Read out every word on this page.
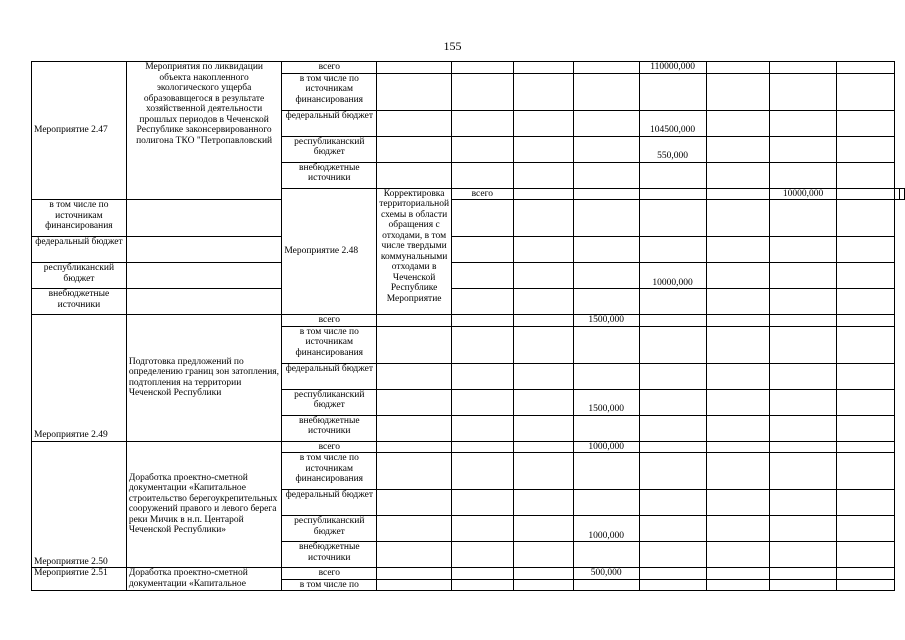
155
Мероприятие 2.47	Мероприятия по ликвидации объекта накопленного экологического ущерба образовавщегося в результате хозяйственной деятельности прошлых периодов в Чеченской Республике законсервированного полигона ТКО "Петропавловский	всего					110000,000					
		в том числе по источникам финансирования										
		федеральный бюджет					104500,000					
		республиканский бюджет					550,000					
		внебюджетные источники										
		Мероприятие 2.48	Корректировка территориальной схемы в области обращения с отходами, в том числе твердыми коммунальными отходами в Чеченской Республике Мероприятие	всего					10000,000			
в том числе по источникам финансирования												
федеральный бюджет												
республиканский бюджет							10000,000					
внебюджетные источники												
Мероприятие 2.49	Подготовка предложений по определению границ зон затопления, подтопления на территории Чеченской Республики	всего				1500,000						
		в том числе по источникам финансирования										
		федеральный бюджет										
		республиканский бюджет				1500,000						
		внебюджетные источники										
Мероприятие 2.50	Доработка проектно-сметной документации «Капитальное строительство берегоукрепительных сооружений правого и левого берега реки Мичик в н.п. Центарой Чеченской Республики»	всего				1000,000						
		в том числе по источникам финансирования										
		федеральный бюджет										
		республиканский бюджет				1000,000						
		внебюджетные источники										
Мероприятие 2.51	Доработка проектно-сметной документации «Капитальное	всего				500,000						
		в том числе по										
